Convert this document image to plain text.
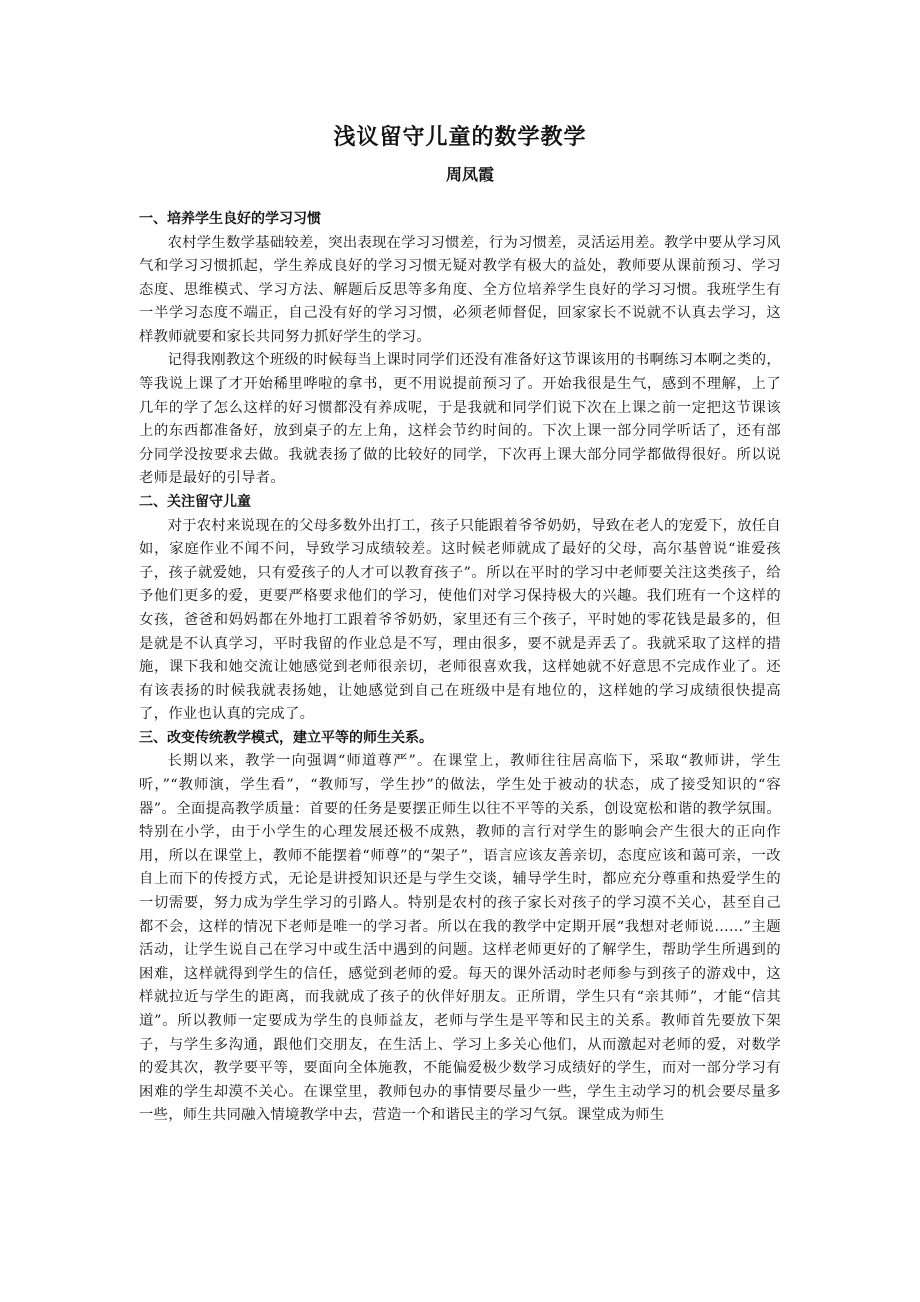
浅议留守儿童的数学教学
周凤霞
一、培养学生良好的学习习惯

农村学生数学基础较差，突出表现在学习习惯差，行为习惯差，灵活运用差。教学中要从学习风气和学习习惯抓起，学生养成良好的学习习惯无疑对教学有极大的益处，教师要从课前预习、学习态度、思维模式、学习方法、解题后反思等多角度、全方位培养学生良好的学习习惯。我班学生有一半学习态度不端正，自己没有好的学习习惯，必须老师督促，回家家长不说就不认真去学习，这样教师就要和家长共同努力抓好学生的学习。

记得我刚教这个班级的时候每当上课时同学们还没有准备好这节课该用的书啊练习本啊之类的，等我说上课了才开始稀里哗啦的拿书，更不用说提前预习了。开始我很是生气，感到不理解，上了几年的学了怎么这样的好习惯都没有养成呢，于是我就和同学们说下次在上课之前一定把这节课该上的东西都准备好，放到桌子的左上角，这样会节约时间的。下次上课一部分同学听话了，还有部分同学没按要求去做。我就表扬了做的比较好的同学，下次再上课大部分同学都做得很好。所以说老师是最好的引导者。

二、关注留守儿童

对于农村来说现在的父母多数外出打工，孩子只能跟着爷爷奶奶，导致在老人的宠爱下，放任自如，家庭作业不闻不问，导致学习成绩较差。这时候老师就成了最好的父母，高尔基曾说“谁爱孩子，孩子就爱她，只有爱孩子的人才可以教育孩子”。所以在平时的学习中老师要关注这类孩子，给予他们更多的爱，更要严格要求他们的学习，使他们对学习保持极大的兴趣。我们班有一个这样的女孩，爸爸和妈妈都在外地打工跟着爷爷奶奶，家里还有三个孩子，平时她的零花钱是最多的，但是就是不认真学习，平时我留的作业总是不写，理由很多，要不就是弄丢了。我就采取了这样的措施，课下我和她交流让她感觉到老师很亲切，老师很喜欢我，这样她就不好意思不完成作业了。还有该表扬的时候我就表扬她，让她感觉到自己在班级中是有地位的，这样她的学习成绩很快提高了，作业也认真的完成了。

三、改变传统教学模式，建立平等的师生关系。

长期以来，教学一向强调“师道尊严”。在课堂上，教师往往居高临下，采取“教师讲，学生听，”“教师演，学生看”，“教师写，学生抄”的做法，学生处于被动的状态，成了接受知识的“容器”。全面提高教学质量：首要的任务是要摆正师生以往不平等的关系，创设宽松和谐的教学氛围。特别在小学，由于小学生的心理发展还极不成熟，教师的言行对学生的影响会产生很大的正向作用，所以在课堂上，教师不能摆着“师尊”的“架子”，语言应该友善亲切，态度应该和蔼可亲，一改自上而下的传授方式，无论是讲授知识还是与学生交谈，辅导学生时，都应充分尊重和热爱学生的一切需要，努力成为学生学习的引路人。特别是农村的孩子家长对孩子的学习漠不关心，甚至自己都不会，这样的情况下老师是唯一的学习者。所以在我的教学中定期开展“我想对老师说……”主题活动，让学生说自己在学习中或生活中遇到的问题。这样老师更好的了解学生，帮助学生所遇到的困难，这样就得到学生的信任，感觉到老师的爱。每天的课外活动时老师参与到孩子的游戏中，这样就拉近与学生的距离，而我就成了孩子的伙伴好朋友。正所谓，学生只有“亲其师”，才能“信其道”。所以教师一定要成为学生的良师益友，老师与学生是平等和民主的关系。教师首先要放下架子，与学生多沟通，跟他们交朋友，在生活上、学习上多关心他们，从而激起对老师的爱，对数学的爱其次，教学要平等，要面向全体施教，不能偏爱极少数学习成绩好的学生，而对一部分学习有困难的学生却漠不关心。在课堂里，教师包办的事情要尽量少一些，学生主动学习的机会要尽量多一些，师生共同融入情境教学中去，营造一个和谐民主的学习气氛。课堂成为师生
